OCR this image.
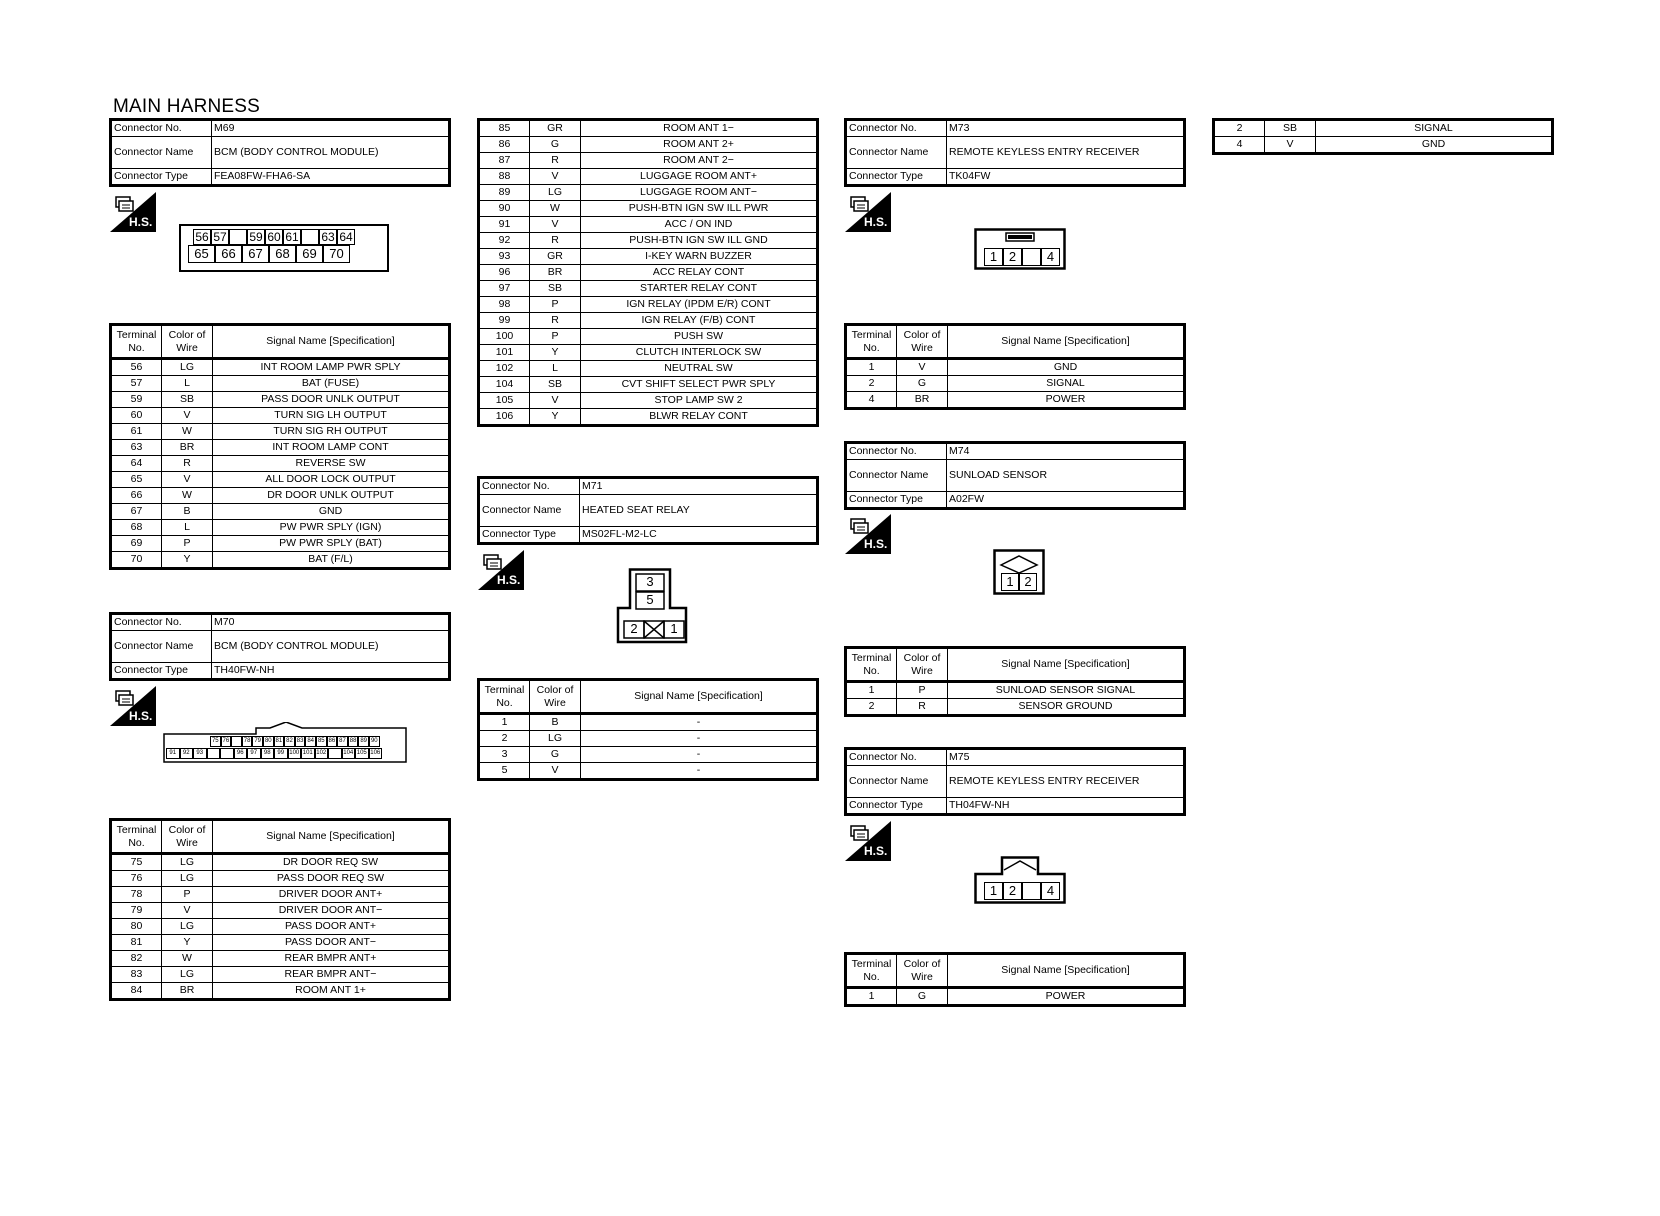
MAIN HARNESS
Connector No.	M69
Connector Name	BCM (BODY CONTROL MODULE)
Connector Type	FEA08FW-FHA6-SA
H.S.
56 57 59 60 61 63 64
65 66 67 68 69 70
Terminal No.	Color of Wire	Signal Name [Specification]
56	LG	INT ROOM LAMP PWR SPLY
57	L	BAT (FUSE)
59	SB	PASS DOOR UNLK OUTPUT
60	V	TURN SIG LH OUTPUT
61	W	TURN SIG RH OUTPUT
63	BR	INT ROOM LAMP CONT
64	R	REVERSE SW
65	V	ALL DOOR LOCK OUTPUT
66	W	DR DOOR UNLK OUTPUT
67	B	GND
68	L	PW PWR SPLY (IGN)
69	P	PW PWR SPLY (BAT)
70	Y	BAT (F/L)
Connector No.	M70
Connector Name	BCM (BODY CONTROL MODULE)
Connector Type	TH40FW-NH
H.S.
75 76	78 79 80 81 82 83 84 85 86 87 88 89 90
91	92	93	96	97	98	99 100 101 102	104 105 106
Terminal No.	Color of Wire	Signal Name [Specification]
75	LG	DR DOOR REQ SW
76	LG	PASS DOOR REQ SW
78	P	DRIVER DOOR ANT+
79	V	DRIVER DOOR ANT−
80	LG	PASS DOOR ANT+
81	Y	PASS DOOR ANT−
82	W	REAR BMPR ANT+
83	LG	REAR BMPR ANT−
84	BR	ROOM ANT 1+
85	GR	ROOM ANT 1−
86	G	ROOM ANT 2+
87	R	ROOM ANT 2−
88	V	LUGGAGE ROOM ANT+
89	LG	LUGGAGE ROOM ANT−
90	W	PUSH-BTN IGN SW ILL PWR
91	V	ACC / ON IND
92	R	PUSH-BTN IGN SW ILL GND
93	GR	I-KEY WARN BUZZER
96	BR	ACC RELAY CONT
97	SB	STARTER RELAY CONT
98	P	IGN RELAY (IPDM E/R) CONT
99	R	IGN RELAY (F/B) CONT
100	P	PUSH SW
101	Y	CLUTCH INTERLOCK SW
102	L	NEUTRAL SW
104	SB	CVT SHIFT SELECT PWR SPLY
105	V	STOP LAMP SW 2
106	Y	BLWR RELAY CONT
Connector No.	M71
Connector Name	HEATED SEAT RELAY
Connector Type	MS02FL-M2-LC
H.S.	3
5
2	1
Terminal No.	Color of Wire	Signal Name [Specification]
1	B	-
2	LG	-
3	G	-
5	V	-
Connector No.	M73
Connector Name	REMOTE KEYLESS ENTRY RECEIVER
Connector Type	TK04FW
H.S.
1 2	4
Terminal No.	Color of Wire	Signal Name [Specification]
1	V	GND
2	G	SIGNAL
4	BR	POWER
Connector No.	M74
Connector Name	SUNLOAD SENSOR
Connector Type	A02FW
H.S.
1 2
Terminal No.	Color of Wire	Signal Name [Specification]
1	P	SUNLOAD SENSOR SIGNAL
2	R	SENSOR GROUND
Connector No.	M75
Connector Name	REMOTE KEYLESS ENTRY RECEIVER
Connector Type	TH04FW-NH
H.S.
1 2	4
Terminal No.	Color of Wire	Signal Name [Specification]
1	G	POWER
2	SB	SIGNAL
4	V	GND
